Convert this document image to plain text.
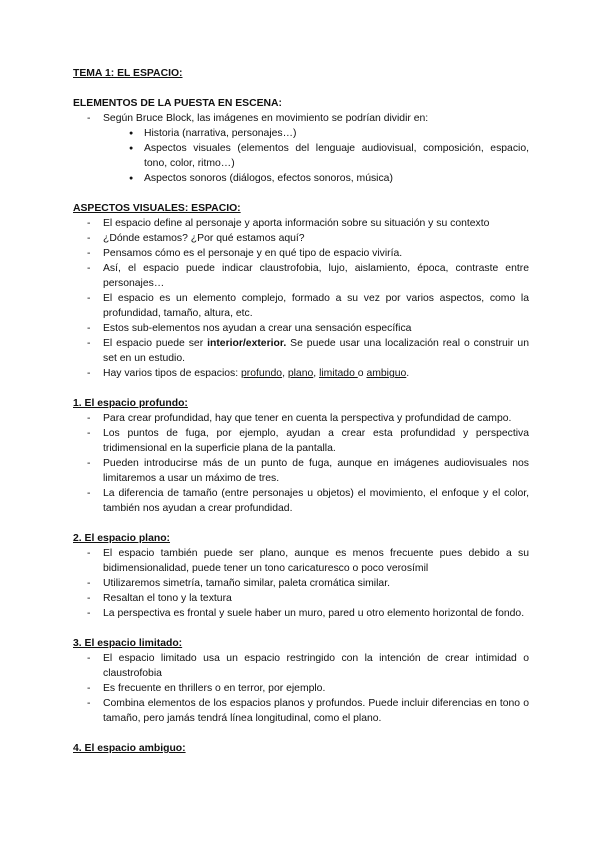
TEMA 1: EL ESPACIO:

ELEMENTOS DE LA PUESTA EN ESCENA:

- Según Bruce Block, las imágenes en movimiento se podrían dividir en:
● Historia (narrativa, personajes…)
● Aspectos visuales (elementos del lenguaje audiovisual, composición, espacio, tono, color, ritmo…)
● Aspectos sonoros (diálogos, efectos sonoros, música)

ASPECTOS VISUALES: ESPACIO:

- El espacio define al personaje y aporta información sobre su situación y su contexto
- ¿Dónde estamos? ¿Por qué estamos aquí?
- Pensamos cómo es el personaje y en qué tipo de espacio viviría.
- Así, el espacio puede indicar claustrofobia, lujo, aislamiento, época, contraste entre personajes…
- El espacio es un elemento complejo, formado a su vez por varios aspectos, como la profundidad, tamaño, altura, etc.
- Estos sub-elementos nos ayudan a crear una sensación específica
- El espacio puede ser interior/exterior. Se puede usar una localización real o construir un set en un estudio.
- Hay varios tipos de espacios: profundo, plano, limitado o ambiguo.

1. El espacio profundo:

- Para crear profundidad, hay que tener en cuenta la perspectiva y profundidad de campo.
- Los puntos de fuga, por ejemplo, ayudan a crear esta profundidad y perspectiva tridimensional en la superficie plana de la pantalla.
- Pueden introducirse más de un punto de fuga, aunque en imágenes audiovisuales nos limitaremos a usar un máximo de tres.
- La diferencia de tamaño (entre personajes u objetos) el movimiento, el enfoque y el color, también nos ayudan a crear profundidad.

2. El espacio plano:

- El espacio también puede ser plano, aunque es menos frecuente pues debido a su bidimensionalidad, puede tener un tono caricaturesco o poco verosímil
- Utilizaremos simetría, tamaño similar, paleta cromática similar.
- Resaltan el tono y la textura
- La perspectiva es frontal y suele haber un muro, pared u otro elemento horizontal de fondo.

3. El espacio limitado:

- El espacio limitado usa un espacio restringido con la intención de crear intimidad o claustrofobia
- Es frecuente en thrillers o en terror, por ejemplo.
- Combina elementos de los espacios planos y profundos. Puede incluir diferencias en tono o tamaño, pero jamás tendrá línea longitudinal, como el plano.

4. El espacio ambiguo:
